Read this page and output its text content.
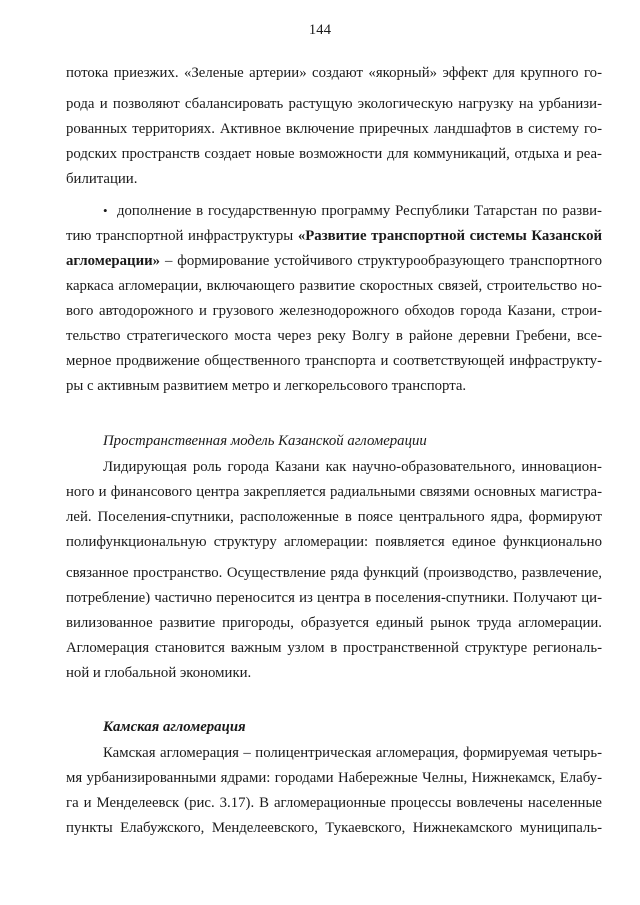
144
потока приезжих. «Зеленые артерии» создают «якорный» эффект для крупного го-
рода и позволяют сбалансировать растущую экологическую нагрузку на урбанизи-
рованных территориях. Активное включение приречных ландшафтов в систему го-
родских пространств создает новые возможности для коммуникаций, отдыха и реа-
билитации.
• дополнение в государственную программу Республики Татарстан по разви-
тию транспортной инфраструктуры «Развитие транспортной системы Казанской
агломерации» – формирование устойчивого структурообразующего транспортного
каркаса агломерации, включающего развитие скоростных связей, строительство но-
вого автодорожного и грузового железнодорожного обходов города Казани, строи-
тельство стратегического моста через реку Волгу в районе деревни Гребени, все-
мерное продвижение общественного транспорта и соответствующей инфраструкту-
ры с активным развитием метро и легкорельсового транспорта.
Пространственная модель Казанской агломерации
Лидирующая роль города Казани как научно-образовательного, инновацион-
ного и финансового центра закрепляется радиальными связями основных магистра-
лей. Поселения-спутники, расположенные в поясе центрального ядра, формируют
полифункциональную структуру агломерации: появляется единое функционально
связанное пространство. Осуществление ряда функций (производство, развлечение,
потребление) частично переносится из центра в поселения-спутники. Получают ци-
вилизованное развитие пригороды, образуется единый рынок труда агломерации.
Агломерация становится важным узлом в пространственной структуре региональ-
ной и глобальной экономики.
Камская агломерация
Камская агломерация – полицентрическая агломерация, формируемая четырь-
мя урбанизированными ядрами: городами Набережные Челны, Нижнекамск, Елабу-
га и Менделеевск (рис. 3.17). В агломерационные процессы вовлечены населенные
пункты Елабужского, Менделеевского, Тукаевского, Нижнекамского муниципаль-
